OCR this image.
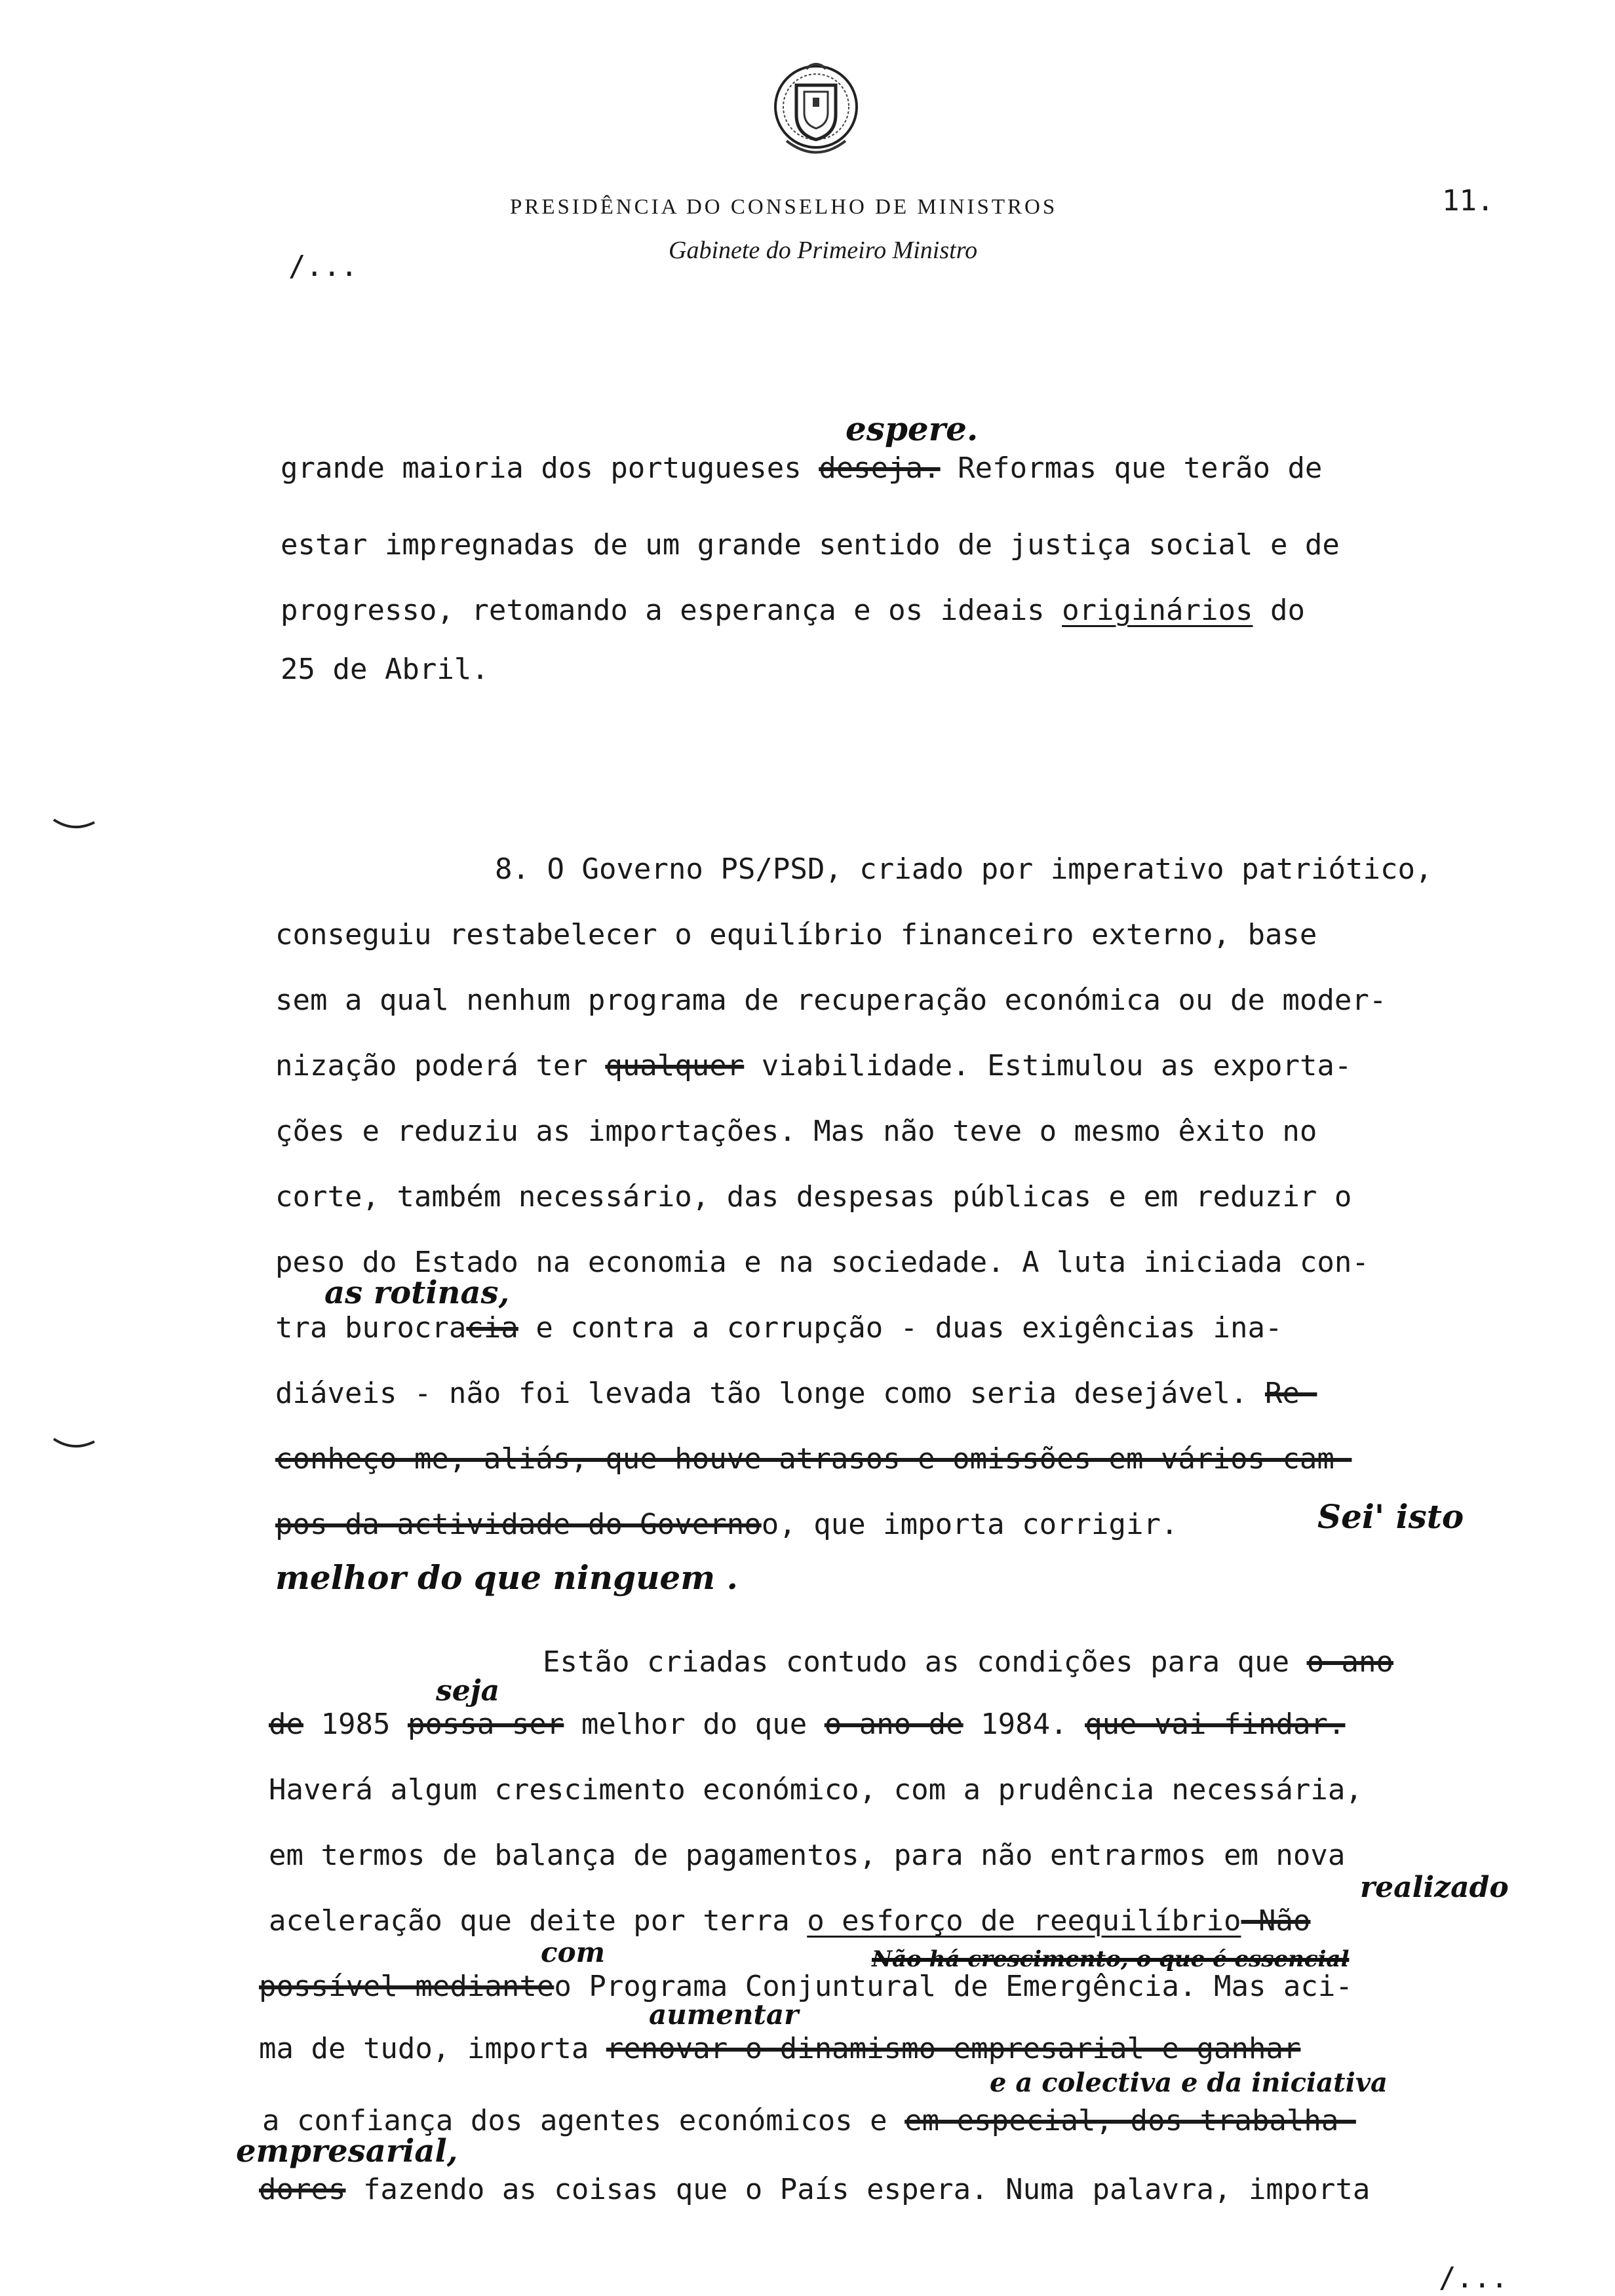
PRESIDÊNCIA DO CONSELHO DE MINISTROS
Gabinete do Primeiro Ministro
11.
/...
espere.
grande maioria dos portugueses deseja. Reformas que terão de
estar impregnadas de um grande sentido de justiça social e de
progresso, retomando a esperança e os ideais originários do
25 de Abril.
8. O Governo PS/PSD, criado por imperativo patriótico,
conseguiu restabelecer o equilíbrio financeiro externo, base
sem a qual nenhum programa de recuperação económica ou de moder-
nização poderá ter qualquer viabilidade. Estimulou as exporta-
ções e reduziu as importações. Mas não teve o mesmo êxito no
corte, também necessário, das despesas públicas e em reduzir o
peso do Estado na economia e na sociedade. A luta iniciada con-
as rotinas,
tra burocracia e contra a corrupção - duas exigências ina-
diáveis - não foi levada tão longe como seria desejável. Re-
conheço-me, aliás, que houve atrasos e omissões em vários cam-
pos da actividade do Governoo, que importa corrigir.	Sei' isto
melhor do que ninguem .
Estão criadas contudo as condições para que o ano
seja
de 1985 possa ser melhor do que o ano de 1984. que vai findar.
Haverá algum crescimento económico, com a prudência necessária,
em termos de balança de pagamentos, para não entrarmos em nova
realizado
aceleração que deite por terra o esforço de reequilíbrio Não
com	Não há crescimento, o que é essencial
possível medianteo Programa Conjuntural de Emergência. Mas aci-
aumentar
ma de tudo, importa renovar o dinamismo empresarial e ganhar
e a colectiva e da iniciativa
a confiança dos agentes económicos e em especial, dos trabalha-
empresarial,
dores fazendo as coisas que o País espera. Numa palavra, importa
/...
